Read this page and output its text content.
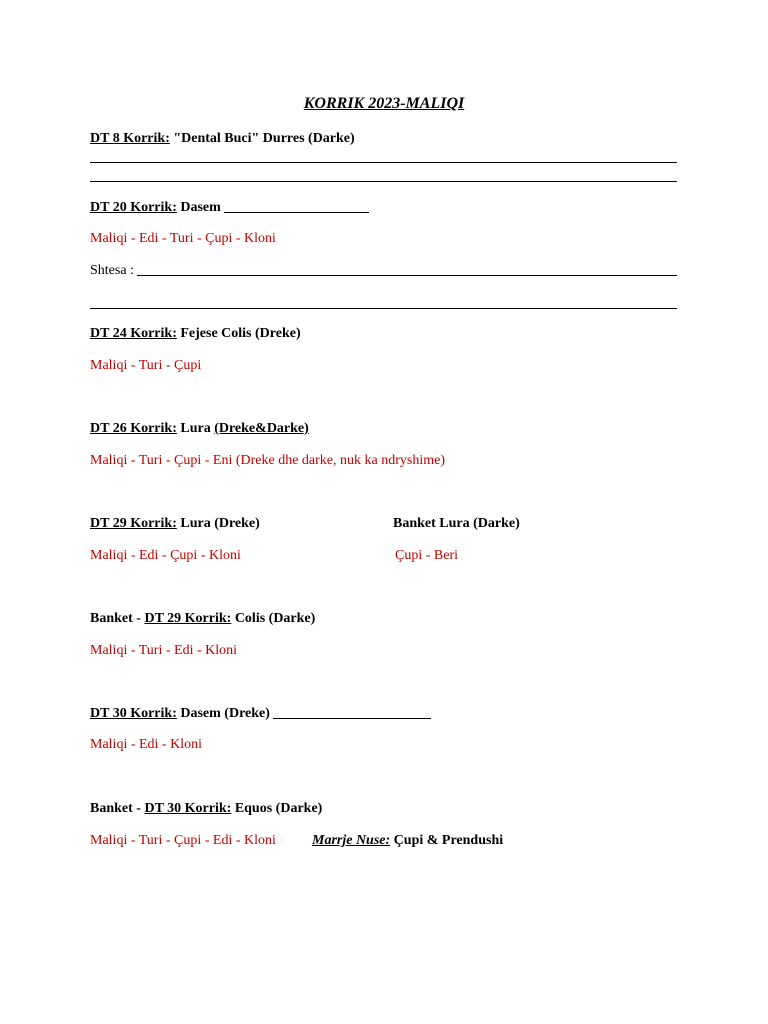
KORRIK 2023-MALIQI
DT 8 Korrik: "Dental Buci" Durres (Darke)
DT 20 Korrik: Dasem
Maliqi - Edi - Turi - Çupi - Kloni
Shtesa :
DT 24 Korrik: Fejese Colis (Dreke)
Maliqi - Turi - Çupi
DT 26 Korrik: Lura (Dreke&Darke)
Maliqi - Turi - Çupi - Eni (Dreke dhe darke, nuk ka ndryshime)
DT 29 Korrik: Lura (Dreke)	Banket Lura (Darke)
Maliqi - Edi - Çupi - Kloni	Çupi - Beri
Banket - DT 29 Korrik: Colis (Darke)
Maliqi - Turi - Edi - Kloni
DT 30 Korrik: Dasem (Dreke)
Maliqi - Edi - Kloni
Banket - DT 30 Korrik: Equos (Darke)
Maliqi - Turi - Çupi - Edi - Kloni	Marrje Nuse: Çupi & Prendushi
